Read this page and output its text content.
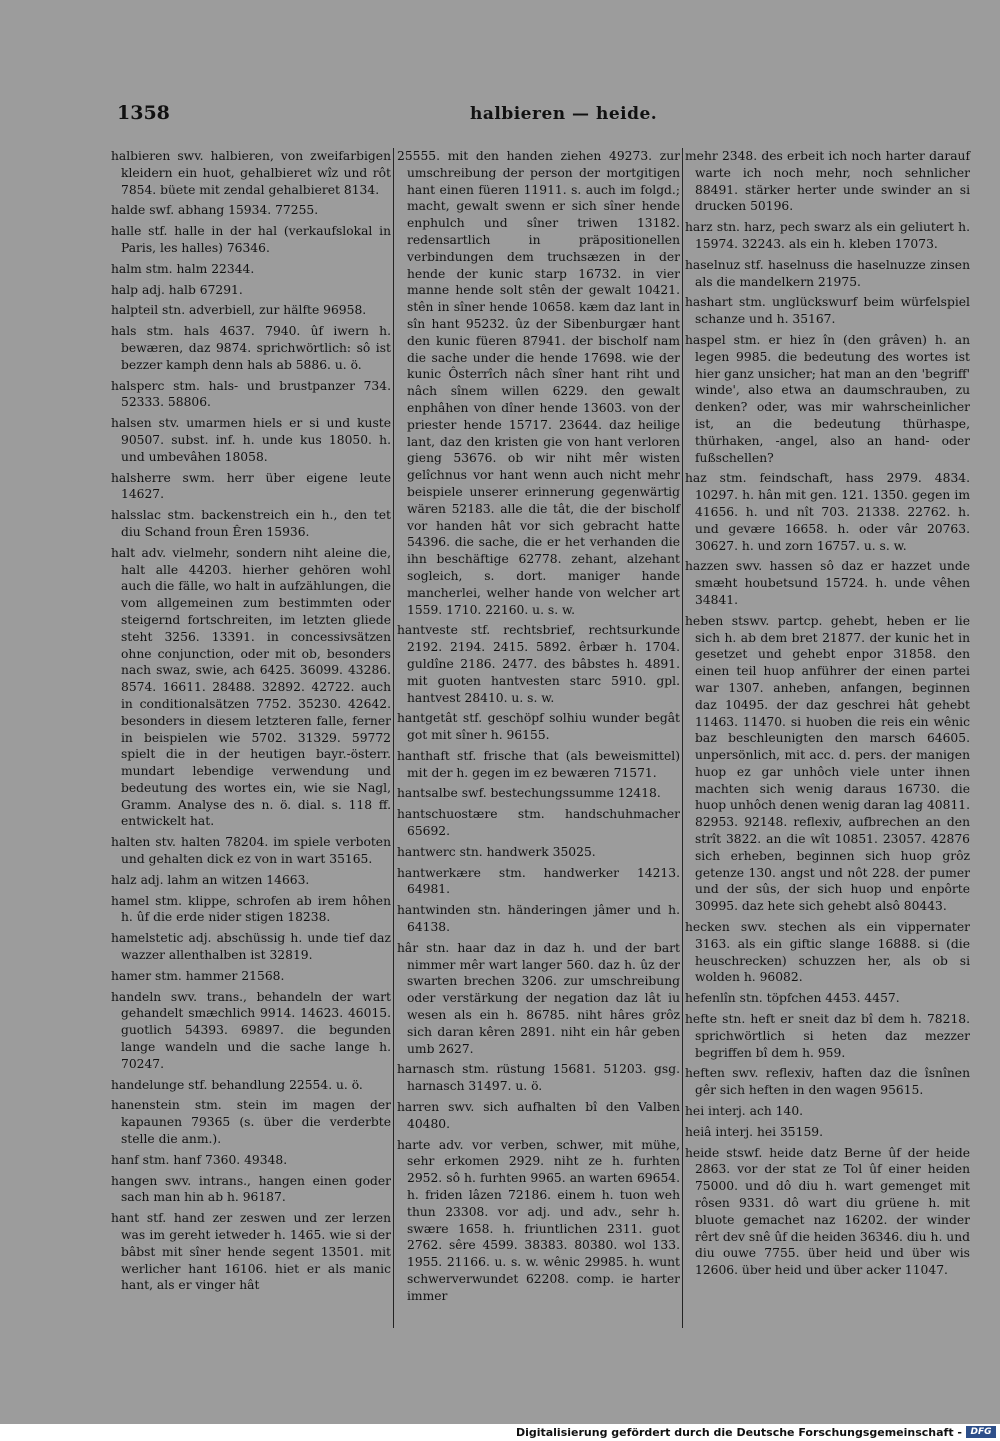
1358	halbieren — heide.

halbieren swv. halbieren, von zweifarbigen kleidern ein huot, gehalbieret wîz und rôt 7854. büete mit zendal gehalbieret 8134.

halde swf. abhang 15934. 77255.

halle stf. halle in der hal (verkaufslokal in Paris, les halles) 76346.

halm stm. halm 22344.

halp adj. halb 67291.

halpteil stn. adverbiell, zur hälfte 96958.

hals stm. hals 4637. 7940. ûf iwern h. bewæren, daz 9874. sprichwörtlich: sô ist bezzer kamph denn hals ab 5886. u. ö.

halsperc stm. hals- und brustpanzer 734. 52333. 58806.

halsen stv. umarmen hiels er si und kuste 90507. subst. inf. h. unde kus 18050. h. und umbevâhen 18058.

halsherre swm. herr über eigene leute 14627.

halsslac stm. backenstreich ein h., den tet diu Schand froun Êren 15936.

halt adv. vielmehr, sondern niht aleine die, halt alle 44203. hierher gehören wohl auch die fälle, wo halt in aufzählungen, die vom allgemeinen zum bestimmten oder steigernd fortschreiten, im letzten gliede steht 3256. 13391. in concessivsätzen ohne conjunction, oder mit ob, besonders nach swaz, swie, ach 6425. 36099. 43286. 8574. 16611. 28488. 32892. 42722. auch in conditionalsätzen 7752. 35230. 42642. besonders in diesem letzteren falle, ferner in beispielen wie 5702. 31329. 59772 spielt die in der heutigen bayr.-österr. mundart lebendige verwendung und bedeutung des wortes ein, wie sie Nagl, Gramm. Analyse des n. ö. dial. s. 118 ff. entwickelt hat.

halten stv. halten 78204. im spiele verboten und gehalten dick ez von in wart 35165.

halz adj. lahm an witzen 14663.

hamel stm. klippe, schrofen ab irem hôhen h. ûf die erde nider stigen 18238.

hamelstetic adj. abschüssig h. unde tief daz wazzer allenthalben ist 32819.

hamer stm. hammer 21568.

handeln swv. trans., behandeln der wart gehandelt smæchlich 9914. 14623. 46015. guotlich 54393. 69897. die begunden lange wandeln und die sache lange h. 70247.

handelunge stf. behandlung 22554. u. ö.

hanenstein stm. stein im magen der kapaunen 79365 (s. über die verderbte stelle die anm.).

hanf stm. hanf 7360. 49348.

hangen swv. intrans., hangen einen goder sach man hin ab h. 96187.

hant stf. hand zer zeswen und zer lerzen was im gereht ietweder h. 1465. wie si der bâbst mit sîner hende segent 13501. mit werlicher hant 16106. hiet er als manic hant, als er vinger hât

25555. mit den handen ziehen 49273. zur umschreibung der person der mortgitigen hant einen füeren 11911. s. auch im folgd.; macht, gewalt swenn er sich sîner hende enphulch und sîner triwen 13182. redensartlich in präpositionellen verbindungen dem truchsæzen in der hende der kunic starp 16732. in vier manne hende solt stên der gewalt 10421. stên in sîner hende 10658. kæm daz lant in sîn hant 95232. ûz der Sibenburgær hant den kunic füeren 87941. der bischolf nam die sache under die hende 17698. wie der kunic Ôsterrîch nâch sîner hant riht und nâch sînem willen 6229. den gewalt enphâhen von dîner hende 13603. von der priester hende 15717. 23644. daz heilige lant, daz den kristen gie von hant verloren gieng 53676. ob wir niht mêr wisten gelîchnus vor hant wenn auch nicht mehr beispiele unserer erinnerung gegenwärtig wären 52183. alle die tât, die der bischolf vor handen hât vor sich gebracht hatte 54396. die sache, die er het verhanden die ihn beschäftige 62778. zehant, alzehant sogleich, s. dort. maniger hande mancherlei, welher hande von welcher art 1559. 1710. 22160. u. s. w.

hantveste stf. rechtsbrief, rechtsurkunde 2192. 2194. 2415. 5892. êrbær h. 1704. guldîne 2186. 2477. des bâbstes h. 4891. mit guoten hantvesten starc 5910. gpl. hantvest 28410. u. s. w.

hantgetât stf. geschöpf solhiu wunder begât got mit sîner h. 96155.

hanthaft stf. frische that (als beweismittel) mit der h. gegen im ez bewæren 71571.

hantsalbe swf. bestechungssumme 12418.

hantschuostære stm. handschuhmacher 65692.

hantwerc stn. handwerk 35025.

hantwerkære stm. handwerker 14213. 64981.

hantwinden stn. händeringen jâmer und h. 64138.

hâr stn. haar daz in daz h. und der bart nimmer mêr wart langer 560. daz h. ûz der swarten brechen 3206. zur umschreibung oder verstärkung der negation daz lât iu wesen als ein h. 86785. niht hâres grôz sich daran kêren 2891. niht ein hâr geben umb 2627.

harnasch stm. rüstung 15681. 51203. gsg. harnasch 31497. u. ö.

harren swv. sich aufhalten bî den Valben 40480.

harte adv. vor verben, schwer, mit mühe, sehr erkomen 2929. niht ze h. furhten 2952. sô h. furhten 9965. an warten 69654. h. friden lâzen 72186. einem h. tuon weh thun 23308. vor adj. und adv., sehr h. swære 1658. h. friuntlichen 2311. guot 2762. sêre 4599. 38383. 80380. wol 133. 1955. 21166. u. s. w. wênic 29985. h. wunt schwerverwundet 62208. comp. ie harter immer

mehr 2348. des erbeit ich noch harter darauf warte ich noch mehr, noch sehnlicher 88491. stärker herter unde swinder an si drucken 50196.

harz stn. harz, pech swarz als ein geliutert h. 15974. 32243. als ein h. kleben 17073.

haselnuz stf. haselnuss die haselnuzze zinsen als die mandelkern 21975.

hashart stm. unglückswurf beim würfelspiel schanze und h. 35167.

haspel stm. er hiez în (den grâven) h. an legen 9985. die bedeutung des wortes ist hier ganz unsicher; hat man an den 'begriff' winde', also etwa an daumschrauben, zu denken? oder, was mir wahrscheinlicher ist, an die bedeutung thürhaspe, thürhaken, -angel, also an hand- oder fußschellen?

haz stm. feindschaft, hass 2979. 4834. 10297. h. hân mit gen. 121. 1350. gegen im 41656. h. und nît 703. 21338. 22762. h. und gevære 16658. h. oder vâr 20763. 30627. h. und zorn 16757. u. s. w.

hazzen swv. hassen sô daz er hazzet unde smæht houbetsund 15724. h. unde vêhen 34841.

heben stswv. partcp. gehebt, heben er lie sich h. ab dem bret 21877. der kunic het in gesetzet und gehebt enpor 31858. den einen teil huop anführer der einen partei war 1307. anheben, anfangen, beginnen daz 10495. der daz geschrei hât gehebt 11463. 11470. si huoben die reis ein wênic baz beschleunigten den marsch 64605. unpersönlich, mit acc. d. pers. der manigen huop ez gar unhôch viele unter ihnen machten sich wenig daraus 16730. die huop unhôch denen wenig daran lag 40811. 82953. 92148. reflexiv, aufbrechen an den strît 3822. an die wît 10851. 23057. 42876 sich erheben, beginnen sich huop grôz getenze 130. angst und nôt 228. der pumer und der sûs, der sich huop und enpôrte 30995. daz hete sich gehebt alsô 80443.

hecken swv. stechen als ein vippernater 3163. als ein giftic slange 16888. si (die heuschrecken) schuzzen her, als ob si wolden h. 96082.

hefenlîn stn. töpfchen 4453. 4457.

hefte stn. heft er sneit daz bî dem h. 78218. sprichwörtlich si heten daz mezzer begriffen bî dem h. 959.

heften swv. reflexiv, haften daz die îsnînen gêr sich heften in den wagen 95615.

hei interj. ach 140.

heiâ interj. hei 35159.

heide stswf. heide datz Berne ûf der heide 2863. vor der stat ze Tol ûf einer heiden 75000. und dô diu h. wart gemenget mit rôsen 9331. dô wart diu grüene h. mit bluote gemachet naz 16202. der winder rêrt dev snê ûf die heiden 36346. diu h. und diu ouwe 7755. über heid und über wis 12606. über heid und über acker 11047.

Digitalisierung gefördert durch die Deutsche Forschungsgemeinschaft - DFG
